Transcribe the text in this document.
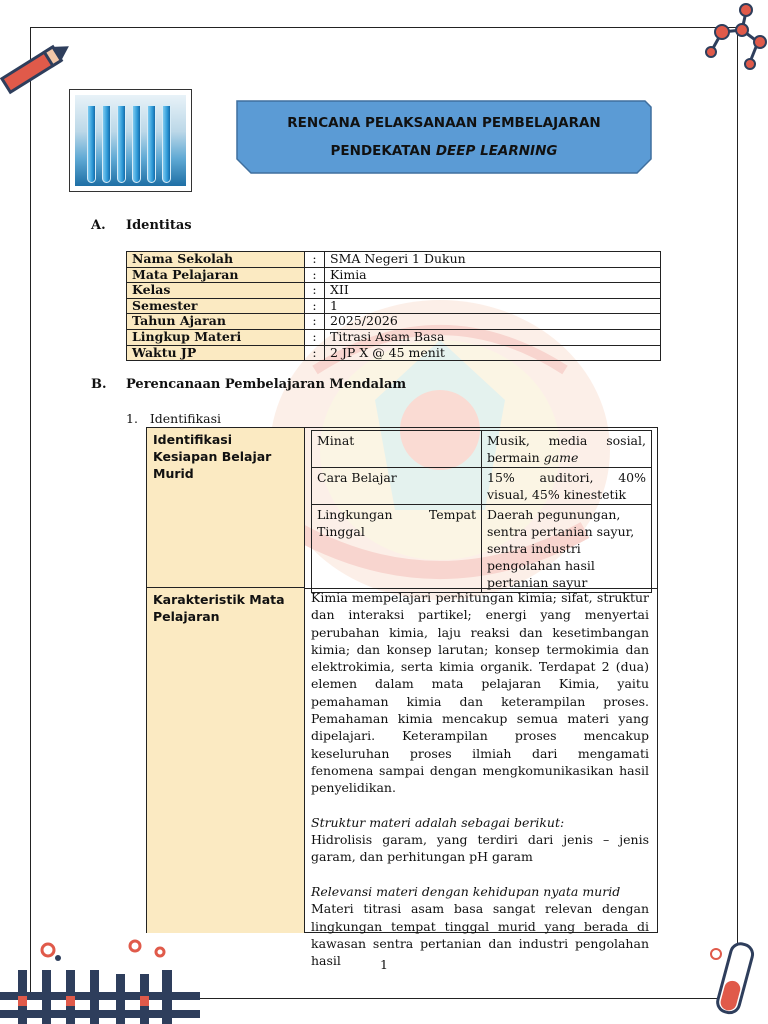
RENCANA PELAKSANAAN PEMBELAJARAN
PENDEKATAN DEEP LEARNING
A. Identitas
Nama Sekolah	:	SMA Negeri 1 Dukun
Mata Pelajaran	:	Kimia
Kelas	:	XII
Semester	:	1
Tahun Ajaran	:	2025/2026
Lingkup Materi	:	Titrasi Asam Basa
Waktu JP	:	2 JP X @ 45 menit
B. Perencanaan Pembelajaran Mendalam
1.   Identifikasi
Identifikasi Kesiapan Belajar Murid
Minat	Musik, media sosial, bermain game
Cara Belajar	15% auditori, 40% visual, 45% kinestetik
Lingkungan Tempat Tinggal	Daerah pegunungan, sentra pertanian sayur, sentra industri pengolahan hasil pertanian sayur
Karakteristik Mata Pelajaran

Kimia mempelajari perhitungan kimia; sifat, struktur dan interaksi partikel; energi yang menyertai perubahan kimia, laju reaksi dan kesetimbangan kimia; dan konsep larutan; konsep termokimia dan elektrokimia, serta kimia organik. Terdapat 2 (dua) elemen dalam mata pelajaran Kimia, yaitu pemahaman kimia dan keterampilan proses. Pemahaman kimia mencakup semua materi yang dipelajari. Keterampilan proses mencakup keseluruhan proses ilmiah dari mengamati fenomena sampai dengan mengkomunikasikan hasil penyelidikan.

Struktur materi adalah sebagai berikut:

Hidrolisis garam, yang terdiri dari jenis – jenis garam, dan perhitungan pH garam

Relevansi materi dengan kehidupan nyata murid

Materi titrasi asam basa sangat relevan dengan lingkungan tempat tinggal murid yang berada di kawasan sentra pertanian dan industri pengolahan hasil	1
